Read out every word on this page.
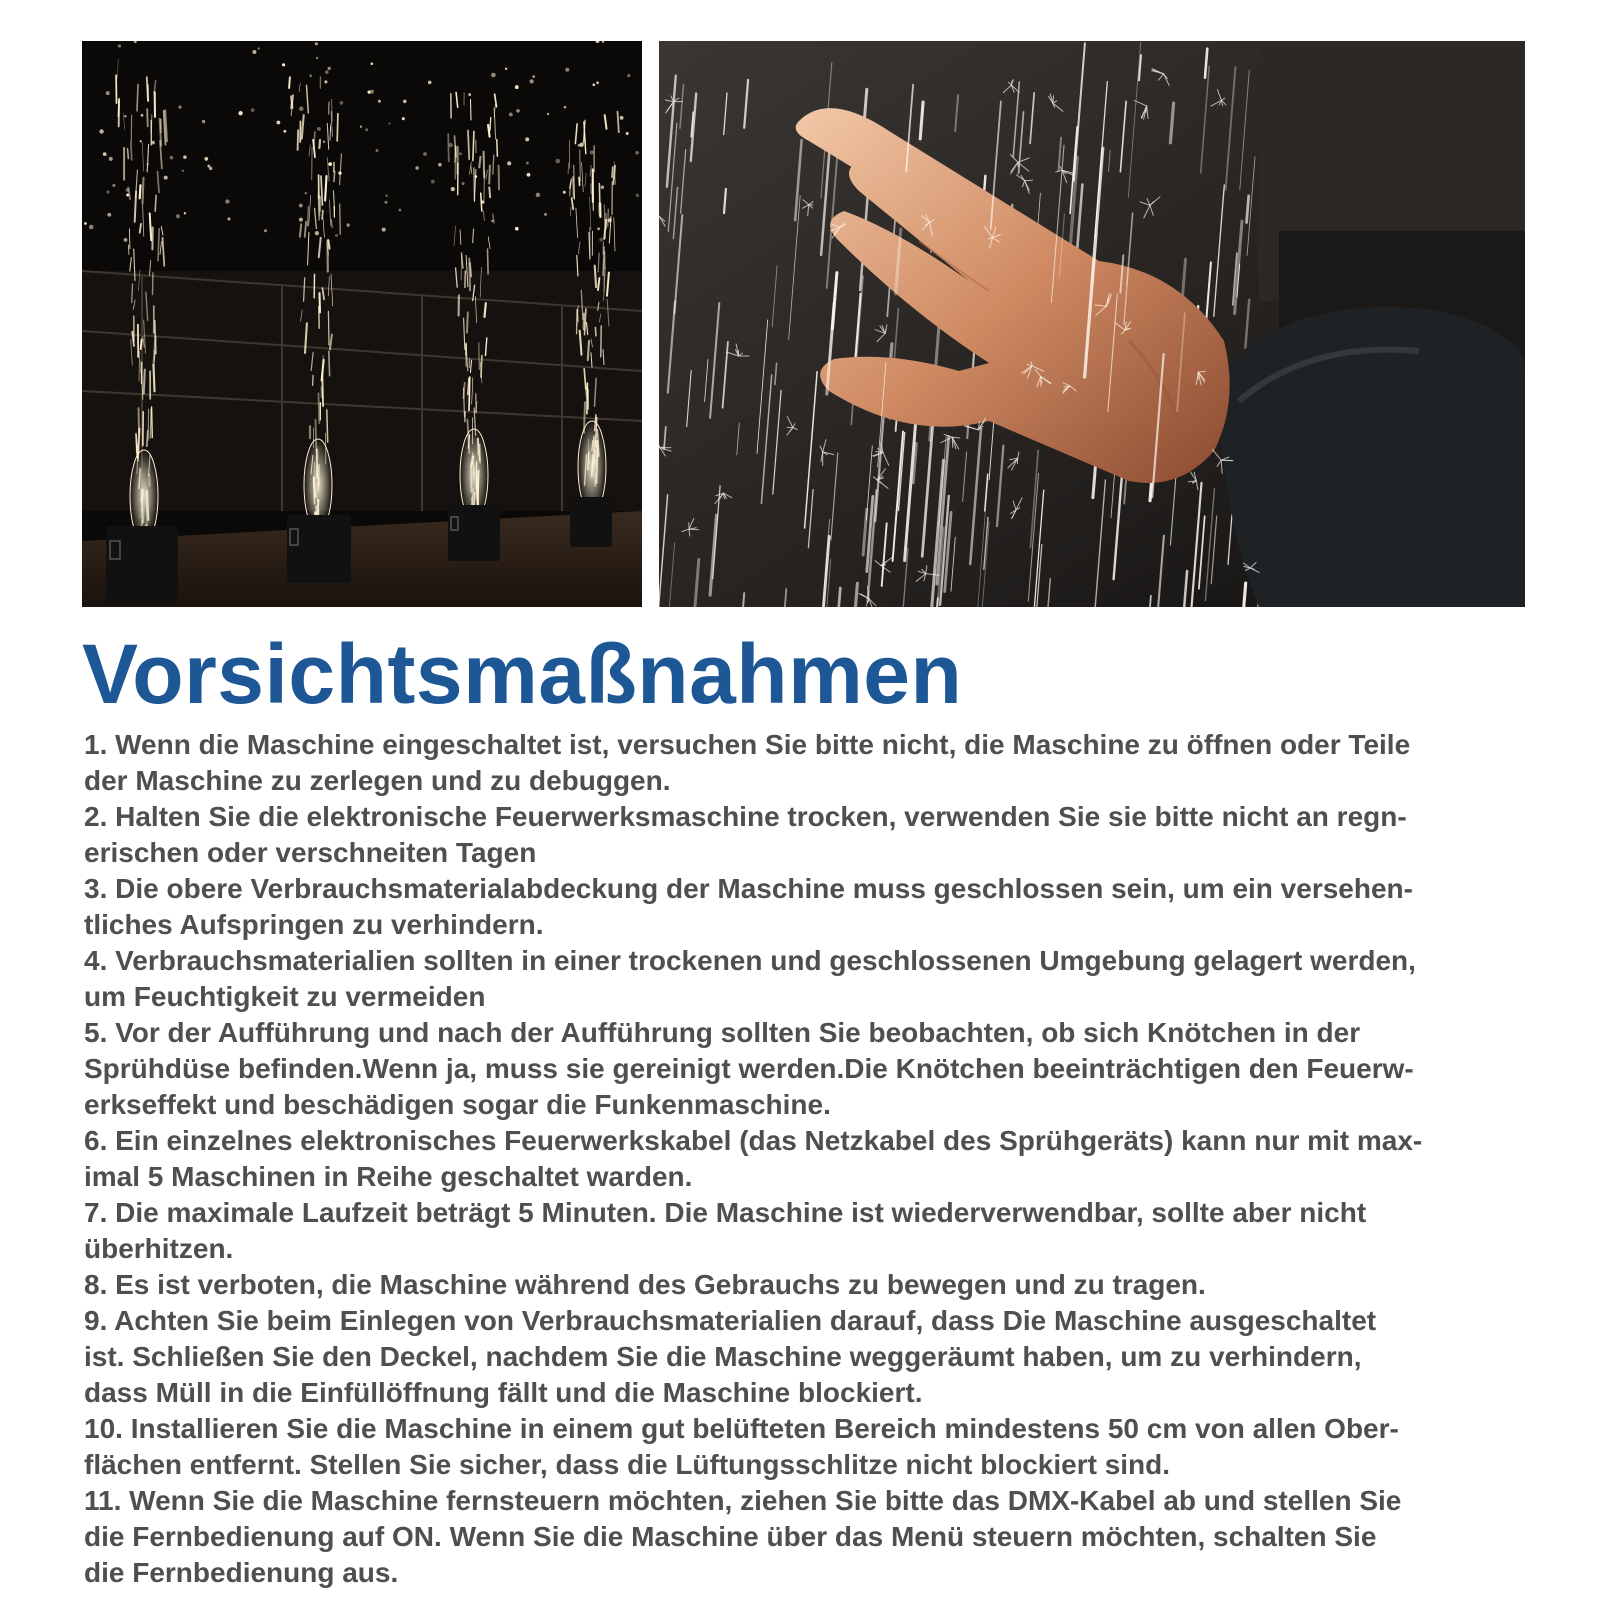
Vorsichtsmaßnahmen
1. Wenn die Maschine eingeschaltet ist, versuchen Sie bitte nicht, die Maschine zu öffnen oder Teile
der Maschine zu zerlegen und zu debuggen.
2. Halten Sie die elektronische Feuerwerksmaschine trocken, verwenden Sie sie bitte nicht an regn-
erischen oder verschneiten Tagen
3. Die obere Verbrauchsmaterialabdeckung der Maschine muss geschlossen sein, um ein versehen-
tliches Aufspringen zu verhindern.
4. Verbrauchsmaterialien sollten in einer trockenen und geschlossenen Umgebung gelagert werden,
um Feuchtigkeit zu vermeiden
5. Vor der Aufführung und nach der Aufführung sollten Sie beobachten, ob sich Knötchen in der
Sprühdüse befinden.Wenn ja, muss sie gereinigt werden.Die Knötchen beeinträchtigen den Feuerw-
erkseffekt und beschädigen sogar die Funkenmaschine.
6. Ein einzelnes elektronisches Feuerwerkskabel (das Netzkabel des Sprühgeräts) kann nur mit max-
imal 5 Maschinen in Reihe geschaltet warden.
7. Die maximale Laufzeit beträgt 5 Minuten. Die Maschine ist wiederverwendbar, sollte aber nicht
überhitzen.
8. Es ist verboten, die Maschine während des Gebrauchs zu bewegen und zu tragen.
9. Achten Sie beim Einlegen von Verbrauchsmaterialien darauf, dass Die Maschine ausgeschaltet
ist. Schließen Sie den Deckel, nachdem Sie die Maschine weggeräumt haben, um zu verhindern,
dass Müll in die Einfüllöffnung fällt und die Maschine blockiert.
10. Installieren Sie die Maschine in einem gut belüfteten Bereich mindestens 50 cm von allen Ober-
flächen entfernt. Stellen Sie sicher, dass die Lüftungsschlitze nicht blockiert sind.
11. Wenn Sie die Maschine fernsteuern möchten, ziehen Sie bitte das DMX-Kabel ab und stellen Sie
die Fernbedienung auf ON. Wenn Sie die Maschine über das Menü steuern möchten, schalten Sie
die Fernbedienung aus.
